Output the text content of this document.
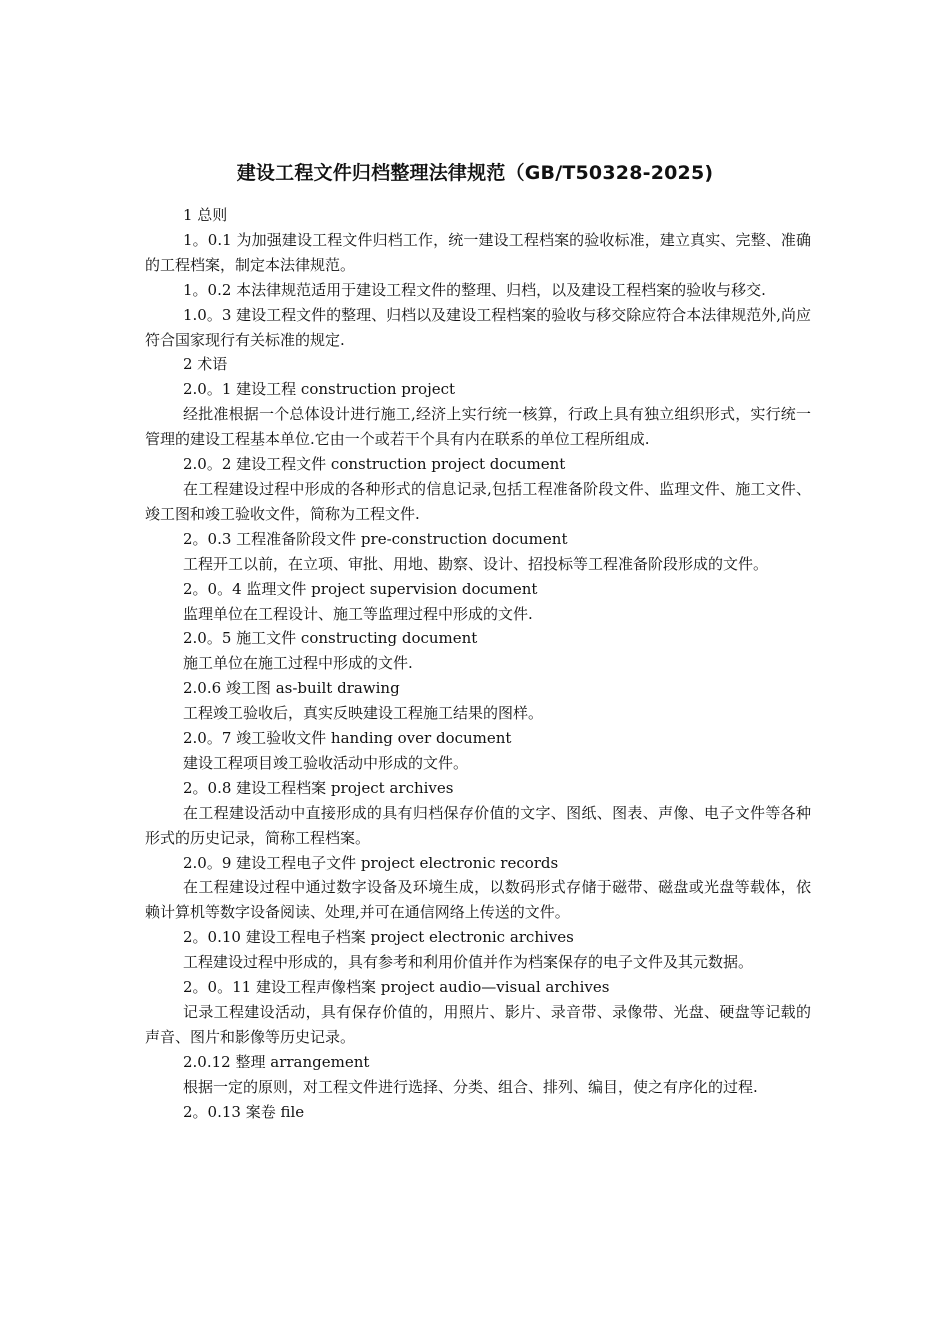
建设工程文件归档整理法律规范（GB/T50328-2025)

1 总则

1。0.1 为加强建设工程文件归档工作，统一建设工程档案的验收标准，建立真实、完整、准确的工程档案，制定本法律规范。

1。0.2 本法律规范适用于建设工程文件的整理、归档，以及建设工程档案的验收与移交.

1.0。3 建设工程文件的整理、归档以及建设工程档案的验收与移交除应符合本法律规范外,尚应符合国家现行有关标准的规定.

2 术语

2.0。1 建设工程 construction project

经批准根据一个总体设计进行施工,经济上实行统一核算，行政上具有独立组织形式，实行统一管理的建设工程基本单位.它由一个或若干个具有内在联系的单位工程所组成.

2.0。2 建设工程文件 construction project document

在工程建设过程中形成的各种形式的信息记录,包括工程准备阶段文件、监理文件、施工文件、竣工图和竣工验收文件，简称为工程文件.

2。0.3 工程准备阶段文件 pre-construction document

工程开工以前，在立项、审批、用地、勘察、设计、招投标等工程准备阶段形成的文件。

2。0。4 监理文件 project supervision document

监理单位在工程设计、施工等监理过程中形成的文件.

2.0。5 施工文件 constructing document

施工单位在施工过程中形成的文件.

2.0.6 竣工图 as-built drawing

工程竣工验收后，真实反映建设工程施工结果的图样。

2.0。7 竣工验收文件 handing over document

建设工程项目竣工验收活动中形成的文件。

2。0.8 建设工程档案 project archives

在工程建设活动中直接形成的具有归档保存价值的文字、图纸、图表、声像、电子文件等各种形式的历史记录，简称工程档案。

2.0。9 建设工程电子文件 project electronic records

在工程建设过程中通过数字设备及环境生成，以数码形式存储于磁带、磁盘或光盘等载体，依赖计算机等数字设备阅读、处理,并可在通信网络上传送的文件。

2。0.10 建设工程电子档案 project electronic archives

工程建设过程中形成的，具有参考和利用价值并作为档案保存的电子文件及其元数据。

2。0。11 建设工程声像档案 project audio—visual archives

记录工程建设活动，具有保存价值的，用照片、影片、录音带、录像带、光盘、硬盘等记载的声音、图片和影像等历史记录。

2.0.12 整理 arrangement

根据一定的原则，对工程文件进行选择、分类、组合、排列、编目，使之有序化的过程.

2。0.13 案卷 file
